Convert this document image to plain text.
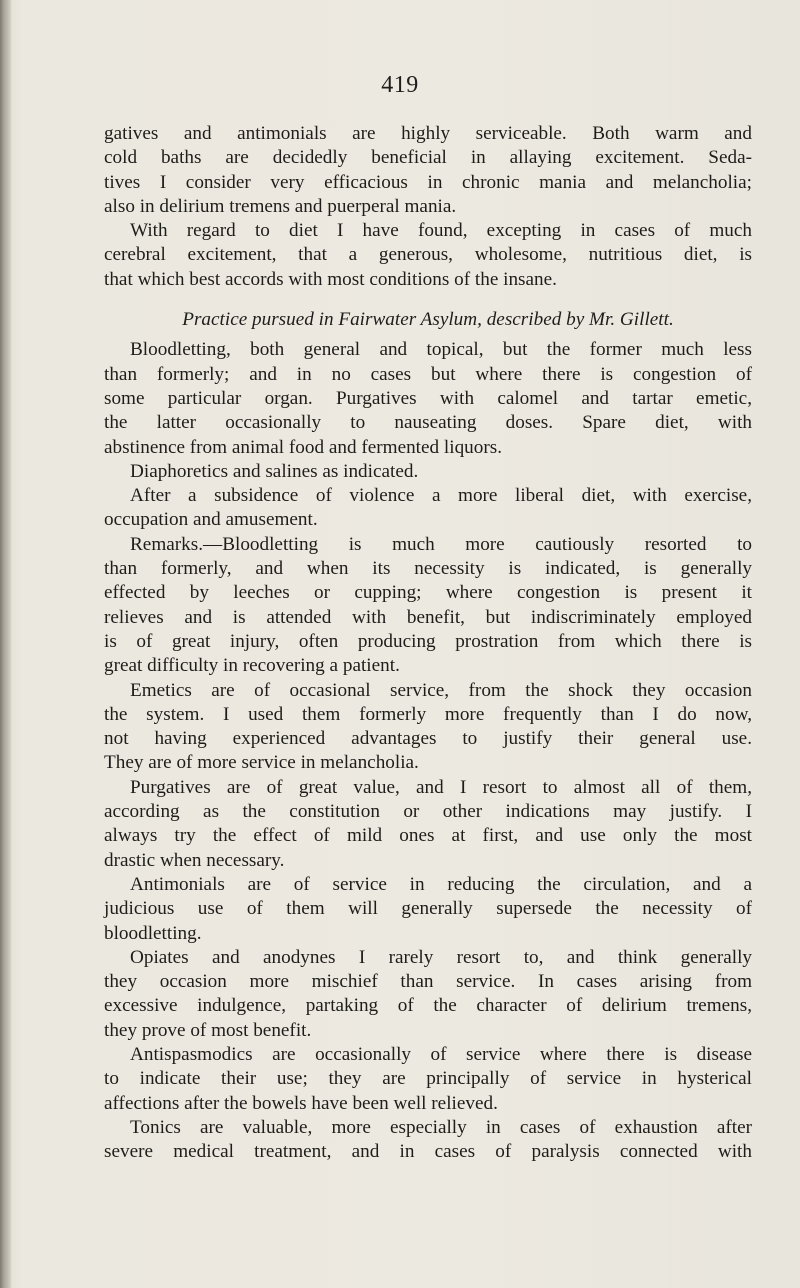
419
gatives and antimonials are highly serviceable. Both warm and
cold baths are decidedly beneficial in allaying excitement. Seda-
tives I consider very efficacious in chronic mania and melancholia;
also in delirium tremens and puerperal mania.
With regard to diet I have found, excepting in cases of much
cerebral excitement, that a generous, wholesome, nutritious diet, is
that which best accords with most conditions of the insane.
Practice pursued in Fairwater Asylum, described by Mr. Gillett.
Bloodletting, both general and topical, but the former much less
than formerly; and in no cases but where there is congestion of
some particular organ. Purgatives with calomel and tartar emetic,
the latter occasionally to nauseating doses. Spare diet, with
abstinence from animal food and fermented liquors.
Diaphoretics and salines as indicated.
After a subsidence of violence a more liberal diet, with exercise,
occupation and amusement.
Remarks.—Bloodletting is much more cautiously resorted to
than formerly, and when its necessity is indicated, is generally
effected by leeches or cupping; where congestion is present it
relieves and is attended with benefit, but indiscriminately employed
is of great injury, often producing prostration from which there is
great difficulty in recovering a patient.
Emetics are of occasional service, from the shock they occasion
the system. I used them formerly more frequently than I do now,
not having experienced advantages to justify their general use.
They are of more service in melancholia.
Purgatives are of great value, and I resort to almost all of them,
according as the constitution or other indications may justify. I
always try the effect of mild ones at first, and use only the most
drastic when necessary.
Antimonials are of service in reducing the circulation, and a
judicious use of them will generally supersede the necessity of
bloodletting.
Opiates and anodynes I rarely resort to, and think generally
they occasion more mischief than service. In cases arising from
excessive indulgence, partaking of the character of delirium tremens,
they prove of most benefit.
Antispasmodics are occasionally of service where there is disease
to indicate their use; they are principally of service in hysterical
affections after the bowels have been well relieved.
Tonics are valuable, more especially in cases of exhaustion after
severe medical treatment, and in cases of paralysis connected with
